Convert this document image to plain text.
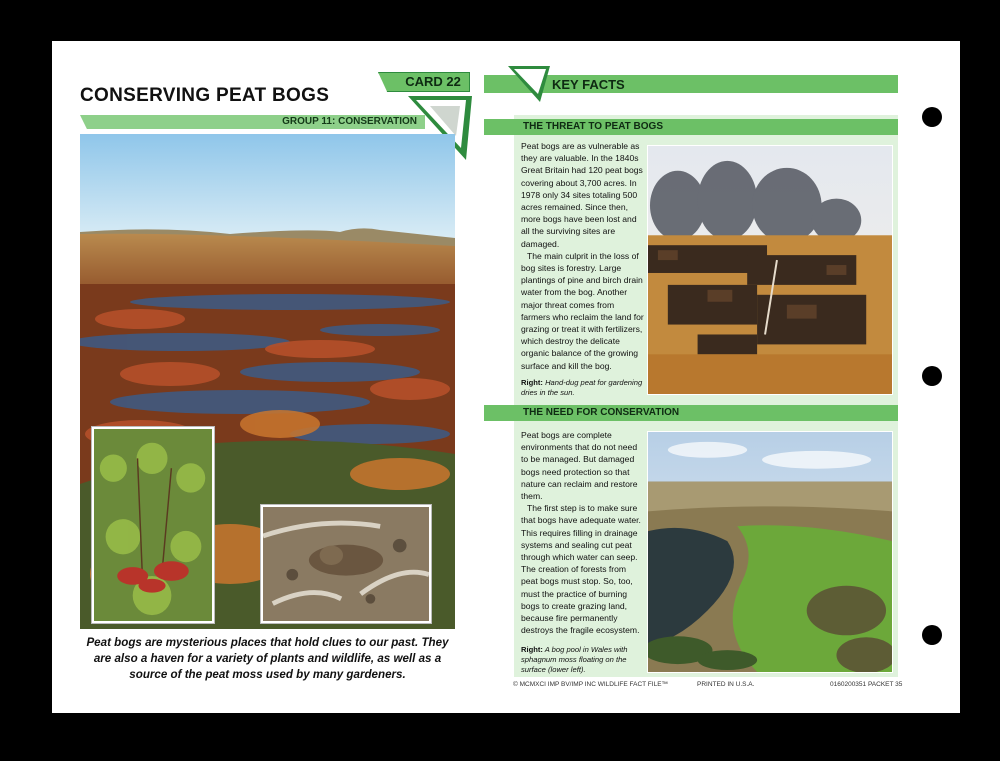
CONSERVING PEAT BOGS
CARD 22
GROUP 11: CONSERVATION
Peat bogs are mysterious places that hold clues to our past. They are also a haven for a variety of plants and wildlife, as well as a source of the peat moss used by many gardeners.
KEY FACTS
THE THREAT TO PEAT BOGS

Peat bogs are as vulnerable as they are valuable. In the 1840s Great Britain had 120 peat bogs covering about 3,700 acres. In 1978 only 34 sites totaling 500 acres remained. Since then, more bogs have been lost and all the surviving sites are damaged.

The main culprit in the loss of bog sites is forestry. Large plantings of pine and birch drain water from the bog. Another major threat comes from farmers who reclaim the land for grazing or treat it with fertilizers, which destroy the delicate organic balance of the growing surface and kill the bog.

Right: Hand-dug peat for gardening dries in the sun.
THE NEED FOR CONSERVATION

Peat bogs are complete environments that do not need to be managed. But damaged bogs need protection so that nature can reclaim and restore them.

The first step is to make sure that bogs have adequate water. This requires filling in drainage systems and sealing cut peat through which water can seep. The creation of forests from peat bogs must stop. So, too, must the practice of burning bogs to create grazing land, because fire permanently destroys the fragile ecosystem.

Right: A bog pool in Wales with sphagnum moss floating on the surface (lower left).
© MCMXCI IMP BV/IMP INC WILDLIFE FACT FILE™	PRINTED IN U.S.A.	0160200351 PACKET 35
